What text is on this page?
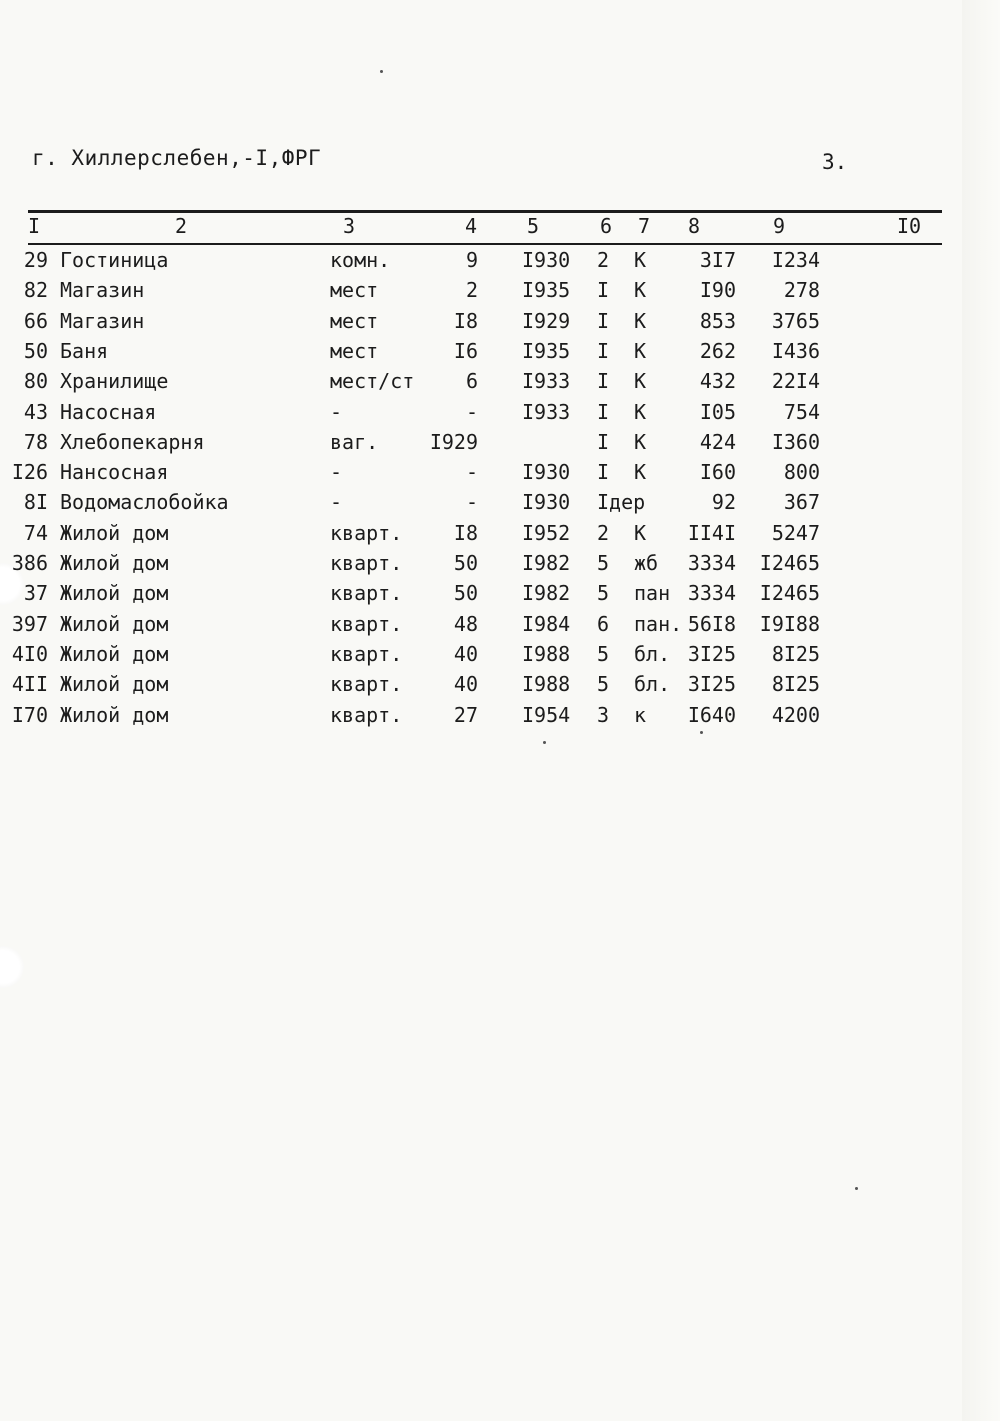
г. Хиллерслебен,-I,ФРГ	3.
I	2	3	4 5	6 7 8	9	I0
29 Гостиница	комн.	9 I930 2 К	3I7 I234
82 Магазин	мест	2 I935 I К	I90 278
66 Магазин	мест	I8 I929 I К	853 3765
50 Баня	мест	I6 I935 I К	262 I436
80 Хранилище	мест/ст	6 I933 I К	432 22I4
43 Насосная	-	- I933 I К	I05 754
78 Хлебопекарня	ваг.	I929	I К	424 I360
I26 Нансосная	-	- I930 I К	I60 800
8I Водомаслобойка	-	- I930 Iдер	92 367
74 Жилой дом	кварт.	I8 I952 2 К II4I 5247
386 Жилой дом	кварт.	50 I982 5 жб 3334 I2465
37 Жилой дом	кварт.	50 I982 5 пан 3334 I2465
397 Жилой дом	кварт.	48 I984 6 пан. 56I8 I9I88
4I0 Жилой дом	кварт.	40 I988 5 бл. 3I25 8I25
4II Жилой дом	кварт.	40 I988 5 бл. 3I25 8I25
I70 Жилой дом	кварт.	27 I954 3 к I640 4200
